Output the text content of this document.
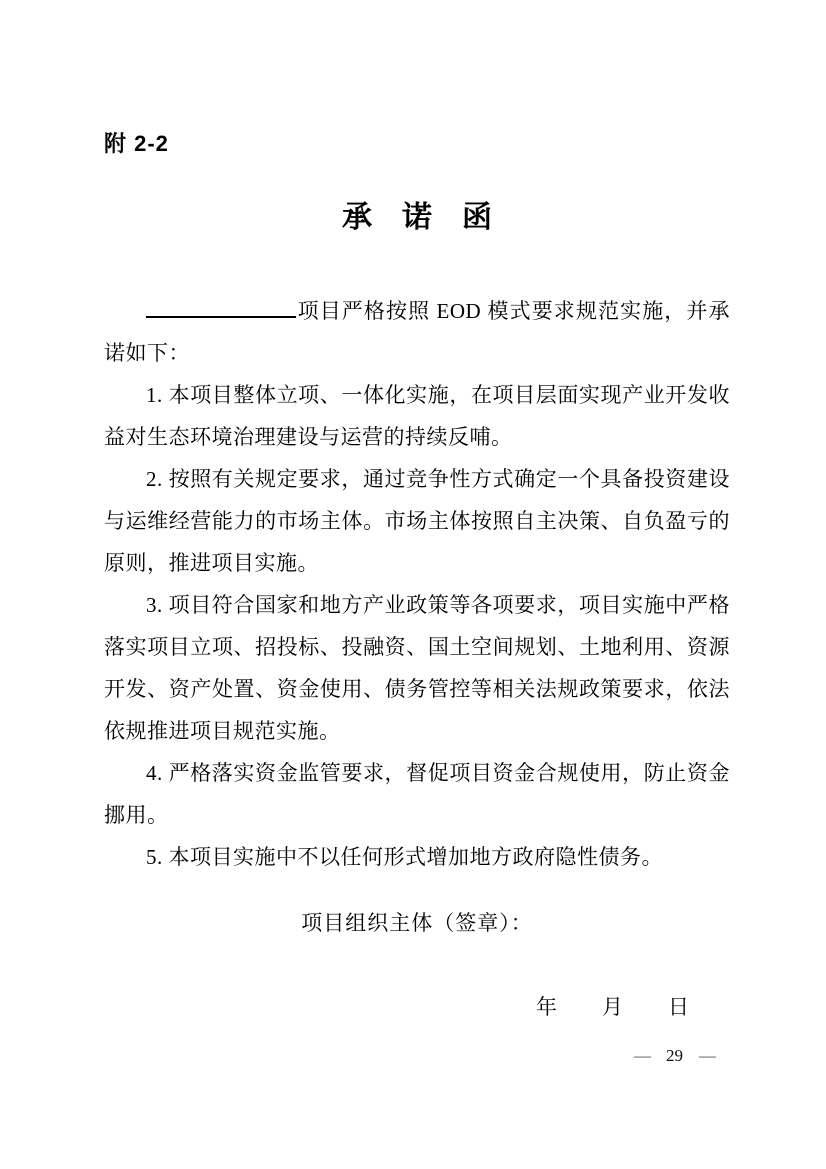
附 2-2
承　诺　函

项目严格按照 EOD 模式要求规范实施，并承诺如下：

1. 本项目整体立项、一体化实施，在项目层面实现产业开发收益对生态环境治理建设与运营的持续反哺。

2. 按照有关规定要求，通过竞争性方式确定一个具备投资建设与运维经营能力的市场主体。市场主体按照自主决策、自负盈亏的原则，推进项目实施。

3. 项目符合国家和地方产业政策等各项要求，项目实施中严格落实项目立项、招投标、投融资、国土空间规划、土地利用、资源开发、资产处置、资金使用、债务管控等相关法规政策要求，依法依规推进项目规范实施。

4. 严格落实资金监管要求，督促项目资金合规使用，防止资金挪用。

5. 本项目实施中不以任何形式增加地方政府隐性债务。

项目组织主体（签章）：

年　　月　　日

— 29 —
